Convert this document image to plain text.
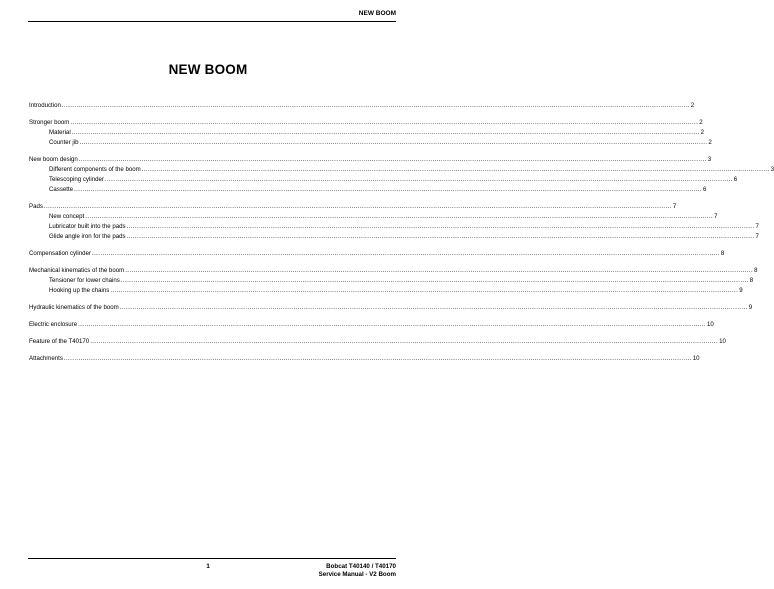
NEW BOOM
NEW BOOM
Introduction ............................................................................................................................................................................................................................................................................................................ 2
Stronger boom ............................................................................................................................................................................................................................................................................................................ 2
Material ............................................................................................................................................................................................................................................................................................................ 2
Counter jib ............................................................................................................................................................................................................................................................................................................ 2
New boom design ............................................................................................................................................................................................................................................................................................................ 3
Different components of the boom ............................................................................................................................................................................................................................................................................................................ 3
Telescoping cylinder ............................................................................................................................................................................................................................................................................................................ 6
Cassette ............................................................................................................................................................................................................................................................................................................ 6
Pads ............................................................................................................................................................................................................................................................................................................ 7
New concept ............................................................................................................................................................................................................................................................................................................ 7
Lubricator built into the pads ............................................................................................................................................................................................................................................................................................................ 7
Glide angle iron for the pads ............................................................................................................................................................................................................................................................................................................ 7
Compensation cylinder ............................................................................................................................................................................................................................................................................................................ 8
Mechanical kinematics of the boom ............................................................................................................................................................................................................................................................................................................ 8
Tensioner for lower chains ............................................................................................................................................................................................................................................................................................................ 8
Hooking up the chains ............................................................................................................................................................................................................................................................................................................ 9
Hydraulic kinematics of the boom ............................................................................................................................................................................................................................................................................................................ 9
Electric enclosure ............................................................................................................................................................................................................................................................................................................ 10
Feature of the T40170 ............................................................................................................................................................................................................................................................................................................ 10
Attachments ............................................................................................................................................................................................................................................................................................................ 10
1	Bobcat T40140 / T40170
Service Manual - V2 Boom
